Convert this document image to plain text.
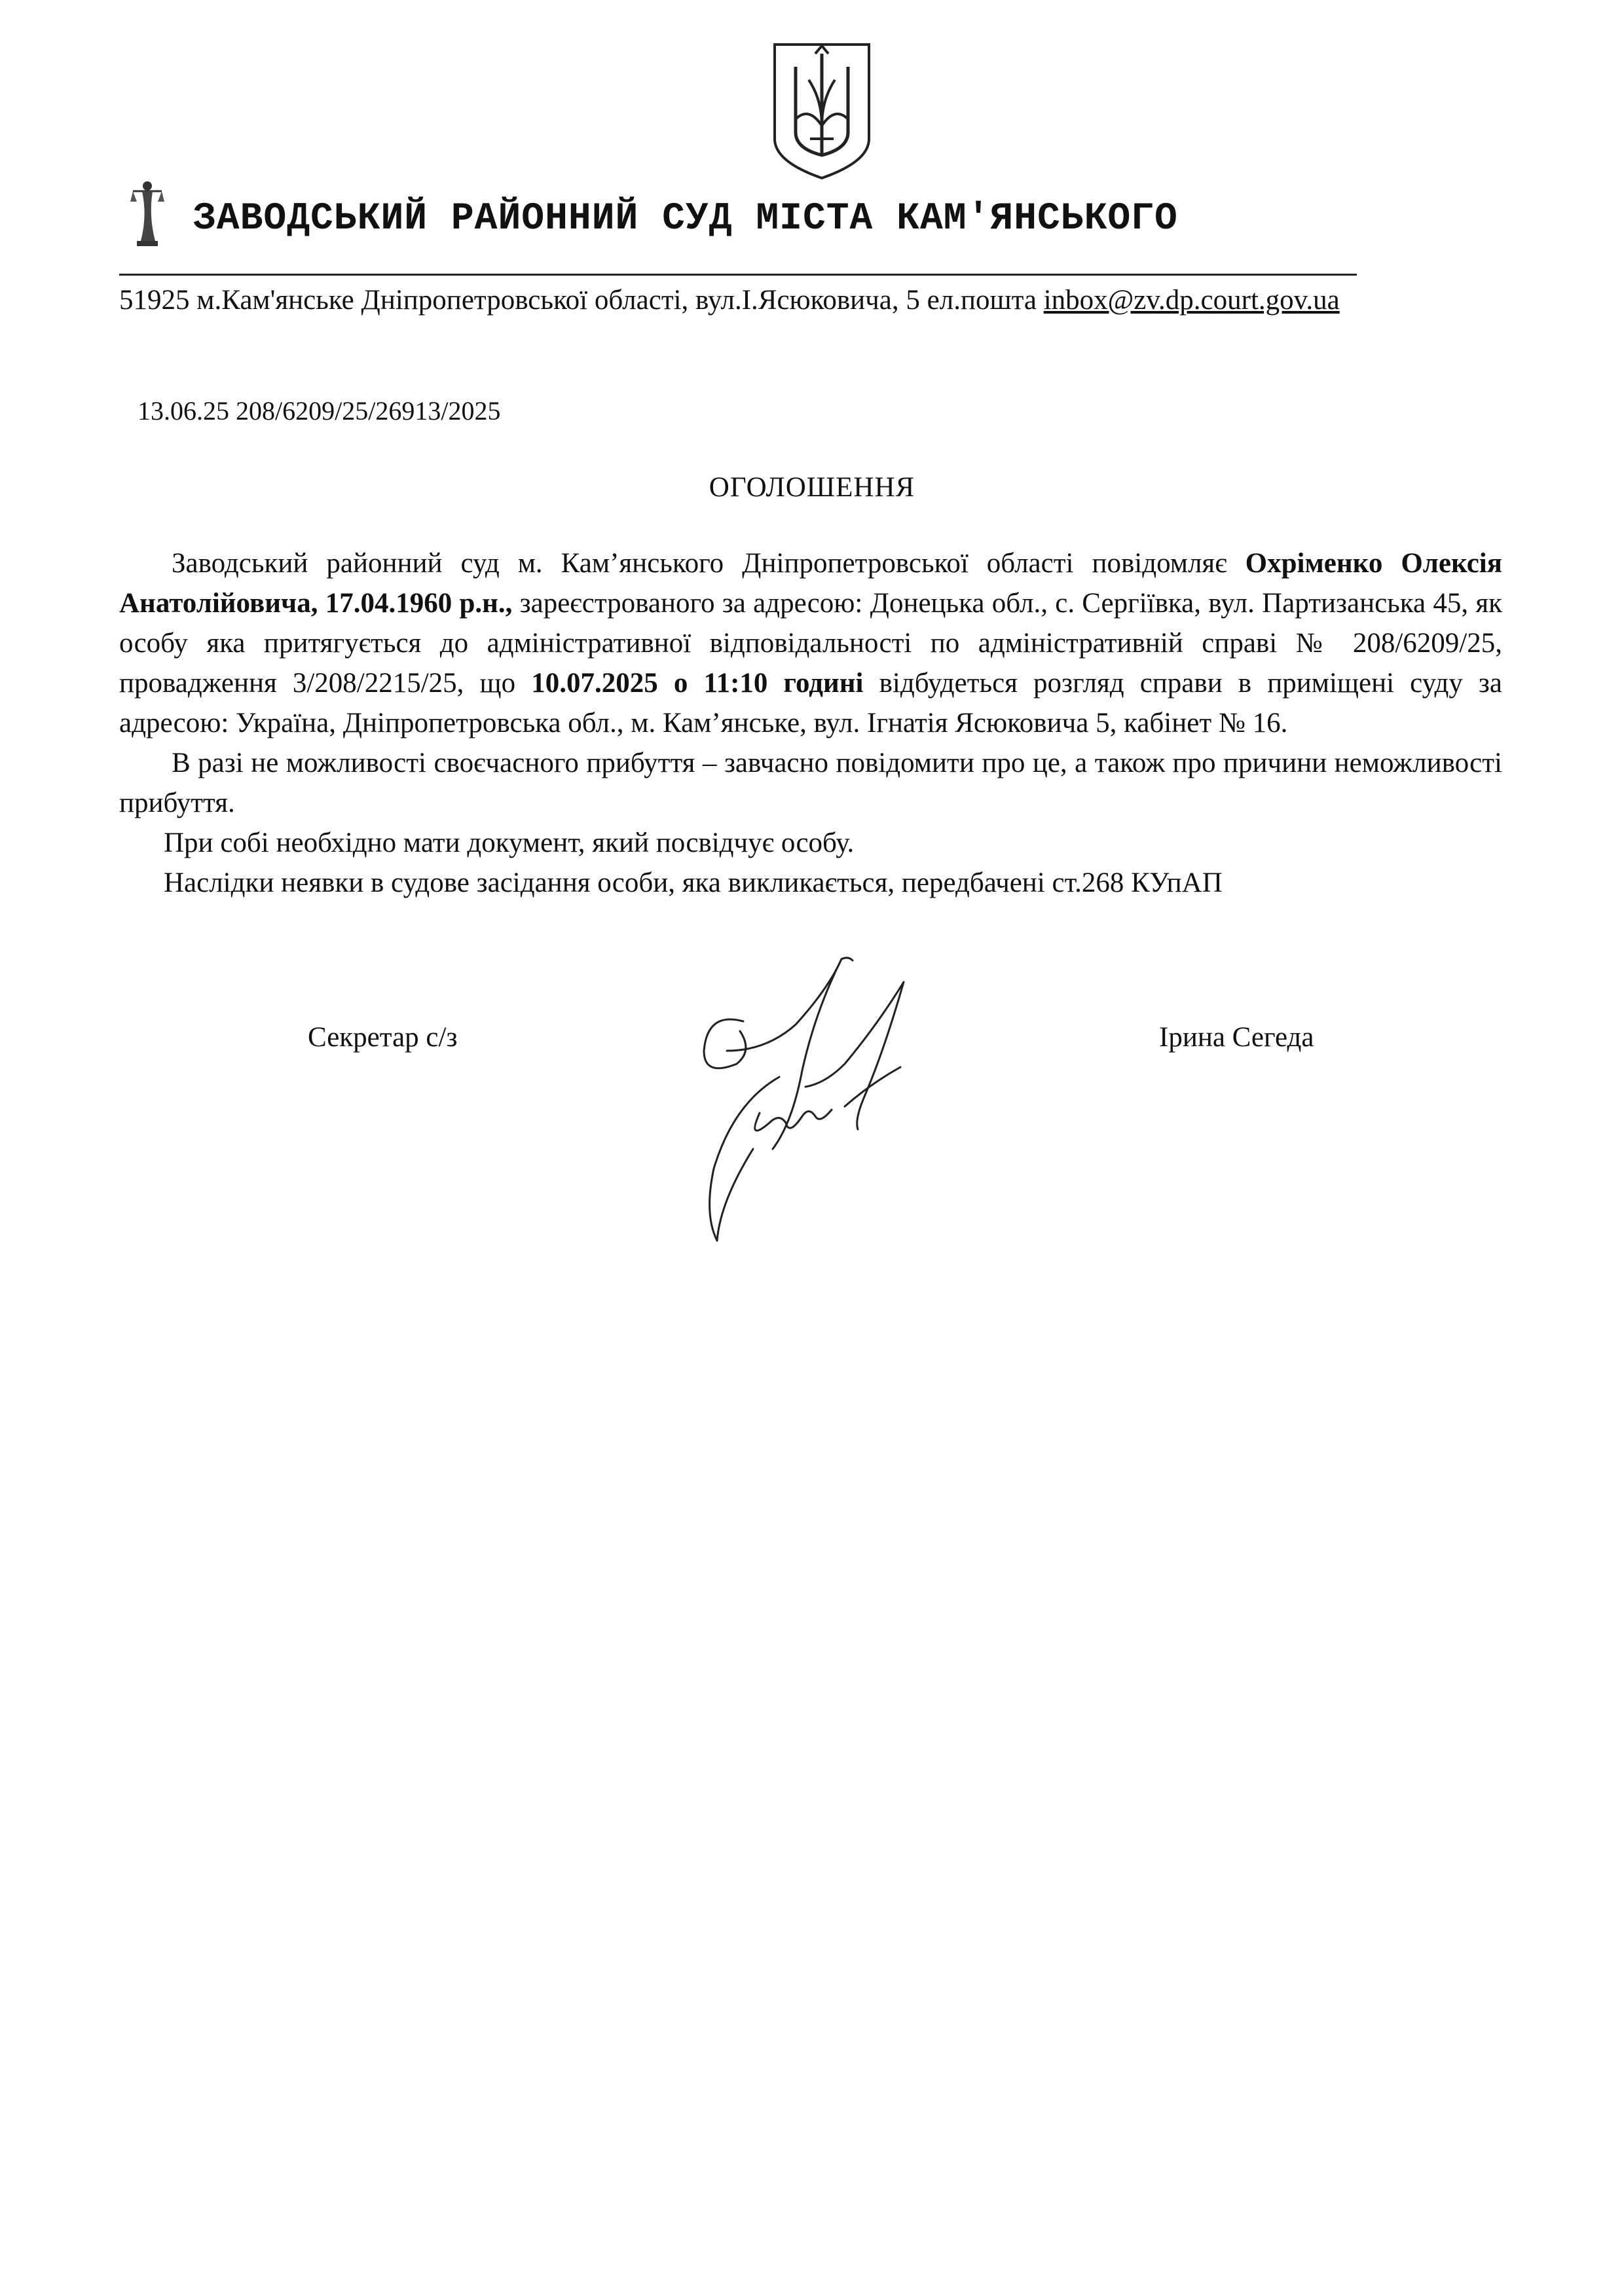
ЗАВОДСЬКИЙ РАЙОННИЙ СУД МІСТА КАМ'ЯНСЬКОГО
51925 м.Кам'янське Дніпропетровської області, вул.І.Ясюковича, 5 ел.пошта inbox@zv.dp.court.gov.ua
13.06.25 208/6209/25/26913/2025
ОГОЛОШЕННЯ

Заводський районний суд м. Кам’янського Дніпропетровської області повідомляє Охріменко Олексія Анатолійовича, 17.04.1960 р.н., зареєстрованого за адресою: Донецька обл., с. Сергіївка, вул. Партизанська 45, як особу яка притягується до адміністративної відповідальності по адміністративній справі № 208/6209/25, провадження 3/208/2215/25, що 10.07.2025 о 11:10 годині відбудеться розгляд справи в приміщені суду за адресою: Україна, Дніпропетровська обл., м. Кам’янське, вул. Ігнатія Ясюковича 5, кабінет № 16.

В разі не можливості своєчасного прибуття – завчасно повідомити про це, а також про причини неможливості прибуття.

При собі необхідно мати документ, який посвідчує особу.

Наслідки неявки в судове засідання особи, яка викликається, передбачені ст.268 КУпАП

Секретар с/з	Ірина Сегеда
